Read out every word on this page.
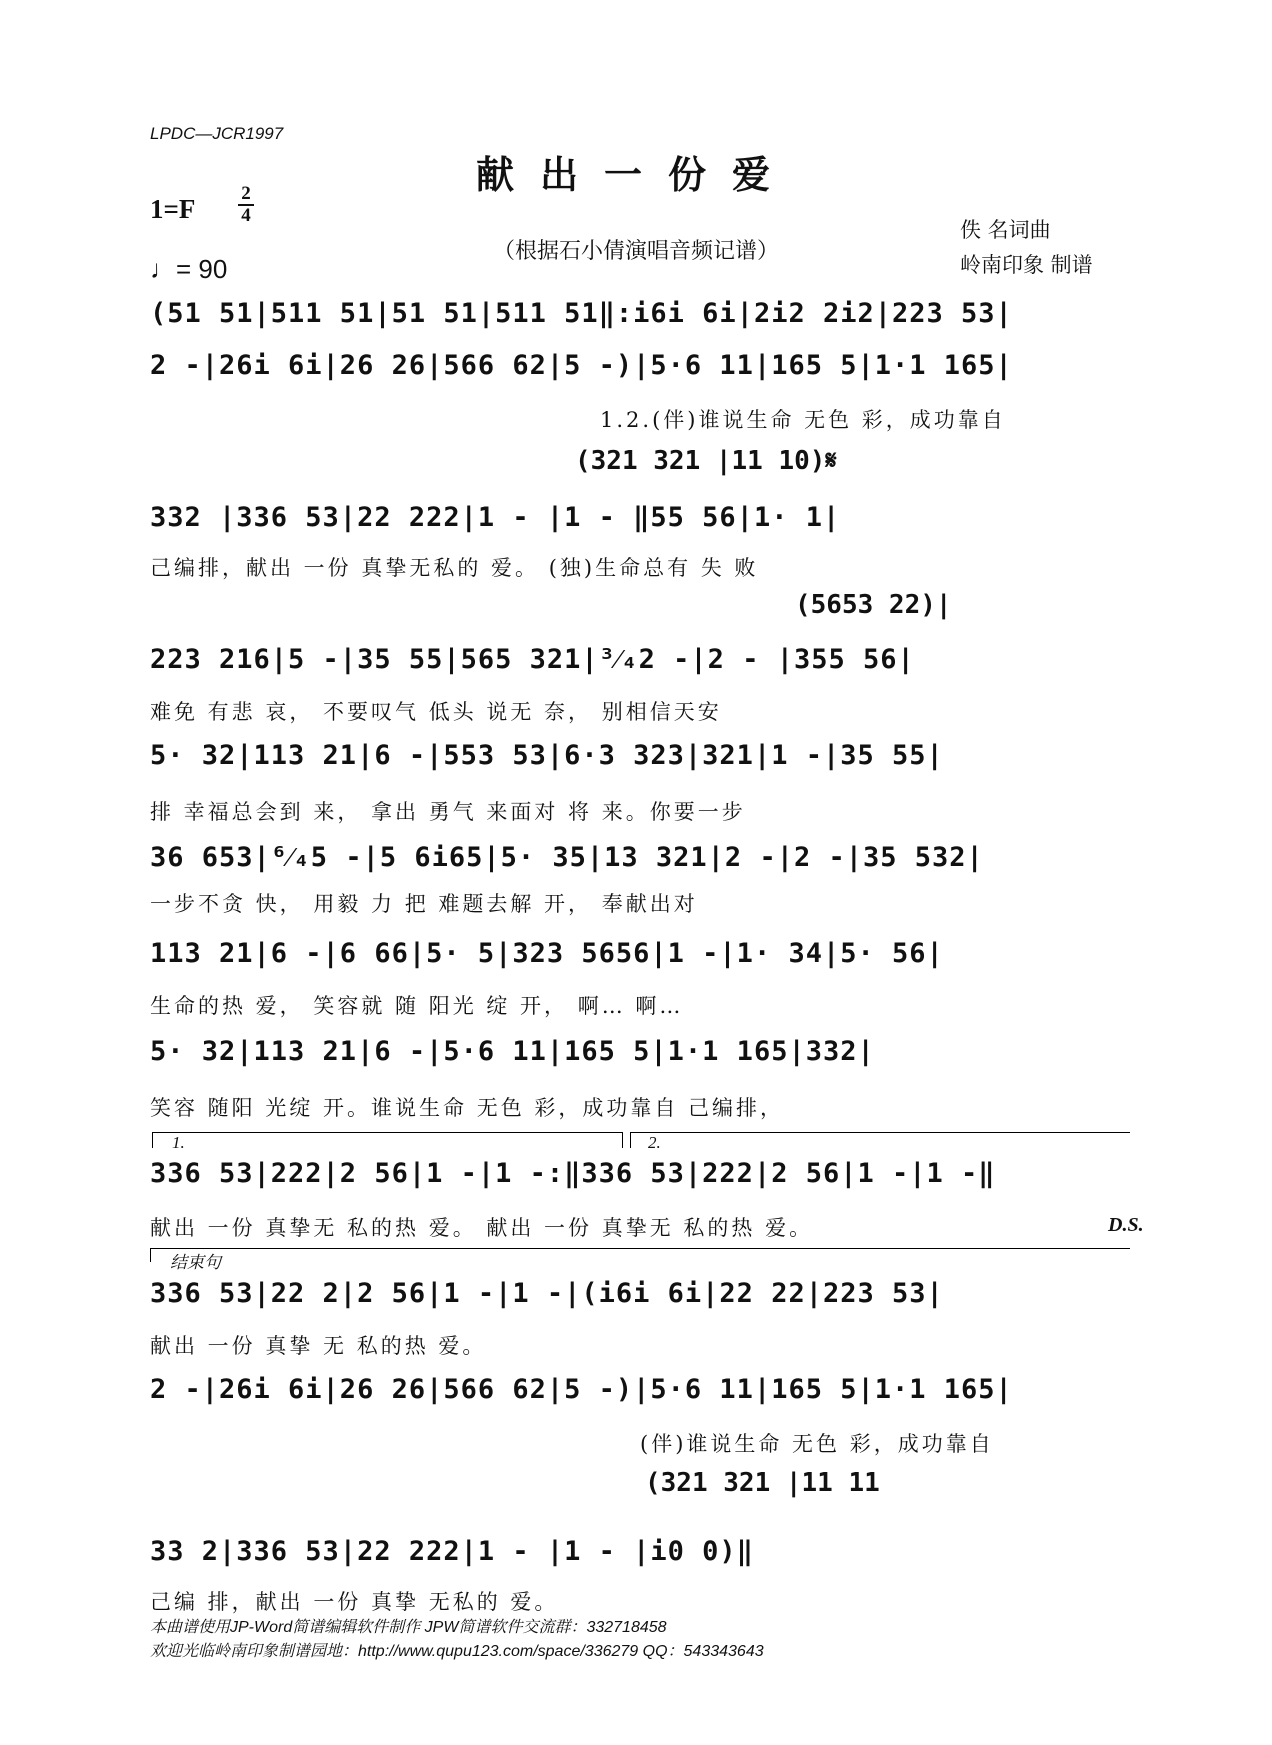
LPDC—JCR1997
献出一份爱
1=F
2
4
♩= 90
（根据石小倩演唱音频记谱）
佚 名词曲
岭南印象 制谱
(51 51|511 51|51 51|511 51‖:i6i 6i|2i2 2i2|223 53|
2 -|26i 6i|26 26|566 62|5 -)|5·6 11|165 5|1·1 165|
1.2.(伴)谁说生命 无色 彩，成功靠自
(321 321 |11 10)𝄋
332 |336 53|22 222|1 - |1 - ‖55 56|1· 1|
己编排，献出 一份 真挚无私的 爱。 (独)生命总有 失 败
(5653 22)|
223 216|5 -|35 55|565 321|³⁄₄2 -|2 - |355 56|
难免 有悲 哀， 不要叹气 低头 说无 奈， 别相信天安
5· 32|113 21|6 -|553 53|6·3 323|321|1 -|35 55|
排 幸福总会到 来， 拿出 勇气 来面对 将 来。你要一步
36 653|⁶⁄₄5 -|5 6i65|5· 35|13 321|2 -|2 -|35 532|
一步不贪 快， 用毅 力 把 难题去解 开， 奉献出对
113 21|6 -|6 66|5· 5|323 5656|1 -|1· 34|5· 56|
生命的热 爱， 笑容就 随 阳光 绽 开， 啊… 啊…
5· 32|113 21|6 -|5·6 11|165 5|1·1 165|332|
笑容 随阳 光绽 开。谁说生命 无色 彩，成功靠自 己编排，
1.	2.
336 53|222|2 56|1 -|1 -:‖336 53|222|2 56|1 -|1 -‖
献出 一份 真挚无 私的热 爱。 献出 一份 真挚无 私的热 爱。	D.S.
结束句
336 53|22 2|2 56|1 -|1 -|(i6i 6i|22 22|223 53|
献出 一份 真挚 无 私的热 爱。
2 -|26i 6i|26 26|566 62|5 -)|5·6 11|165 5|1·1 165|
(伴)谁说生命 无色 彩，成功靠自
(321 321 |11 11
33 2|336 53|22 222|1 - |1 - |i0 0)‖
己编 排，献出 一份 真挚 无私的 爱。
本曲谱使用JP-Word简谱编辑软件制作 JPW简谱软件交流群：332718458
欢迎光临岭南印象制谱园地：http://www.qupu123.com/space/336279 QQ：543343643
